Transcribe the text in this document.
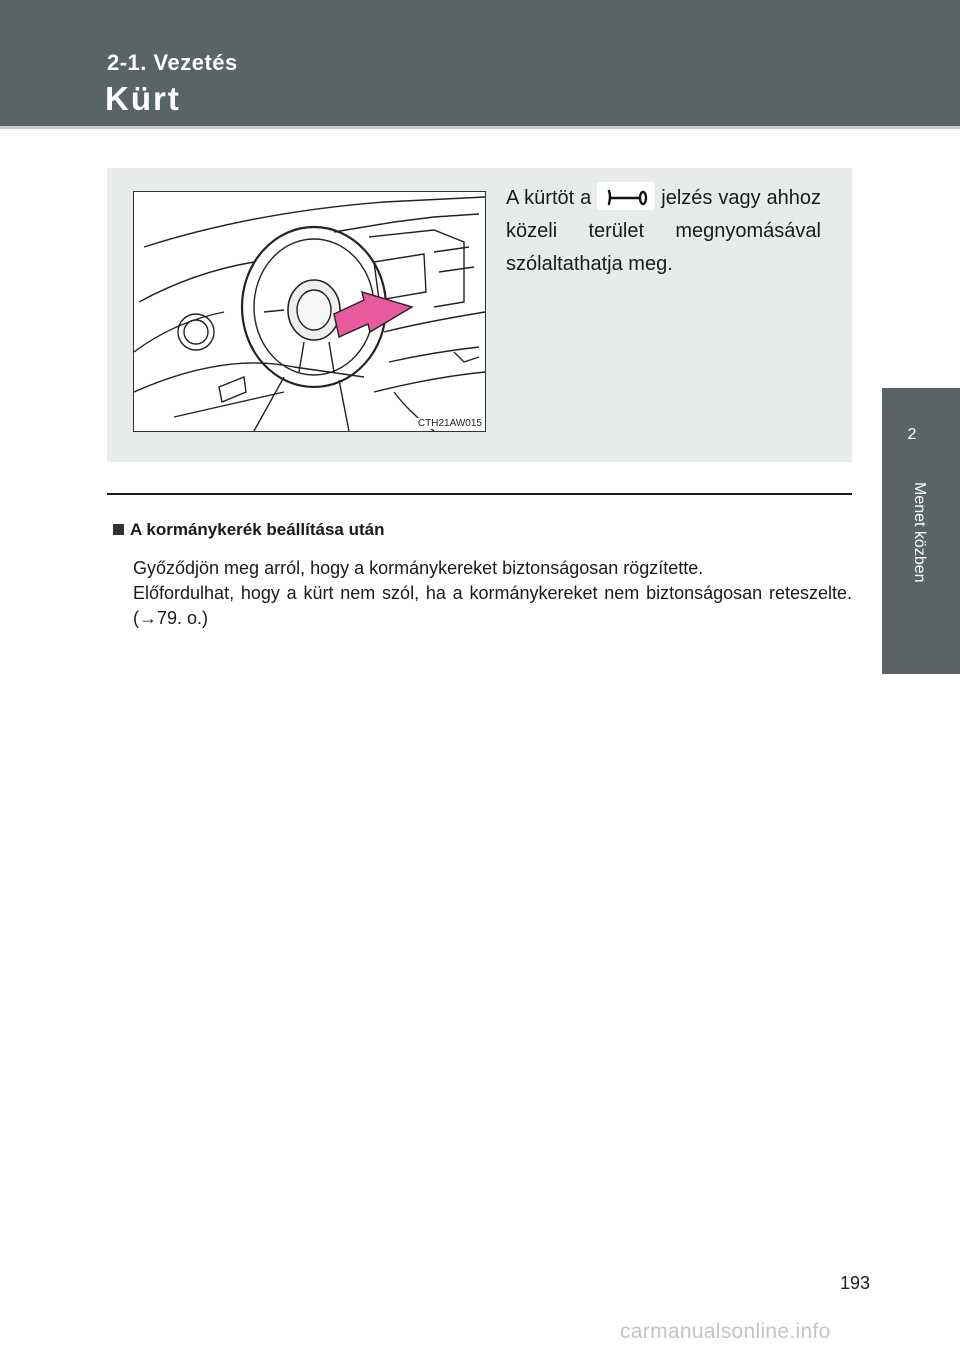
2-1. Vezetés
Kürt
2
Menet közben
CTH21AW015
A kürtöt a	jelzés vagy ahhoz közeli terület megnyomásával szólaltathatja meg.
A kormánykerék beállítása után
Győződjön meg arról, hogy a kormánykereket biztonságosan rögzítette.
Előfordulhat, hogy a kürt nem szól, ha a kormánykereket nem biztonságosan reteszelte. (→79. o.)
193
carmanualsonline.info
